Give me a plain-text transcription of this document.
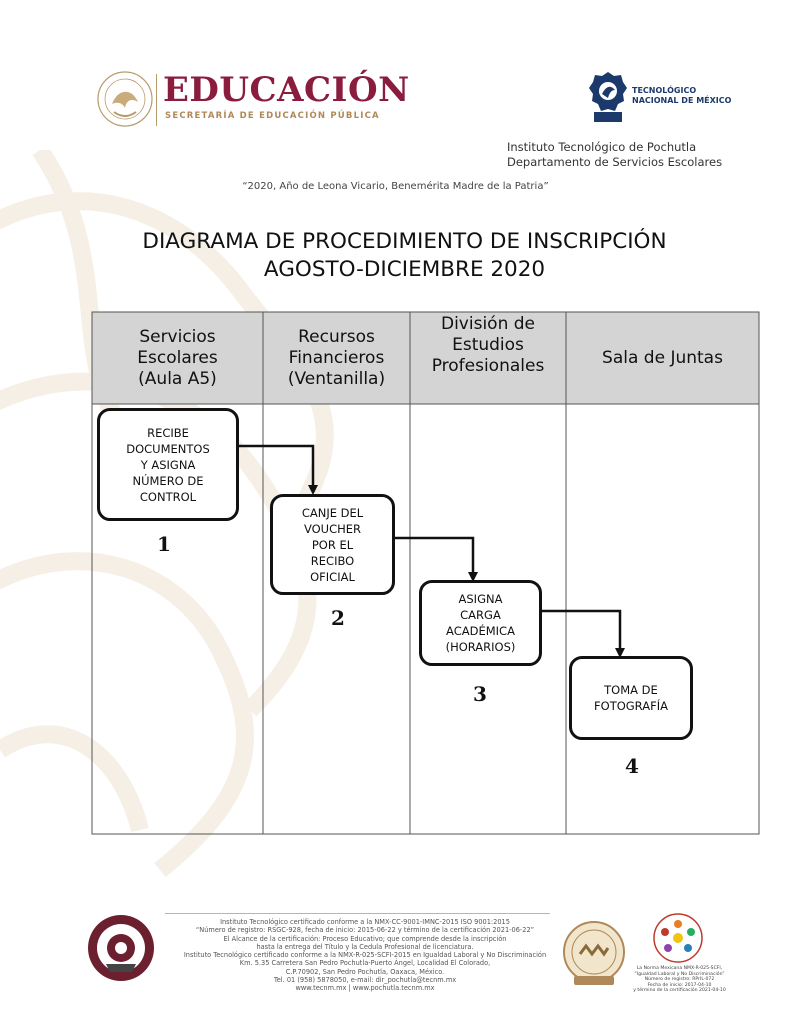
EDUCACIÓN
SECRETARÍA DE EDUCACIÓN PÚBLICA
TECNOLÓGICO
NACIONAL DE MÉXICO
Instituto Tecnológico de Pochutla
Departamento de Servicios Escolares
“2020, Año de Leona Vicario, Benemérita Madre de la Patria”
DIAGRAMA DE PROCEDIMIENTO DE INSCRIPCIÓN
AGOSTO-DICIEMBRE 2020
Servicios
Escolares
(Aula A5)
Recursos
Financieros
(Ventanilla)
División de
Estudios
Profesionales	Sala de Juntas
RECIBE
DOCUMENTOS
Y ASIGNA
NÚMERO DE
CONTROL
1
CANJE DEL
VOUCHER
POR EL
RECIBO
OFICIAL
2
ASIGNA
CARGA
ACADÉMICA
(HORARIOS)
3	TOMA DE
FOTOGRAFÍA
4
Instituto Tecnológico certificado conforme a la NMX-CC-9001-IMNC-2015 ISO 9001:2015
“Número de registro: RSGC-928, fecha de inicio: 2015-06-22 y término de la certificación 2021-06-22”
El Alcance de la certificación: Proceso Educativo; que comprende desde la inscripción
hasta la entrega del Título y la Cedula Profesional de licenciatura.
Instituto Tecnológico certificado conforme a la NMX-R-025-SCFI-2015 en Igualdad Laboral y No Discriminación
Km. 5.35 Carretera San Pedro Pochutla-Puerto Ángel, Localidad El Colorado,
C.P.70902, San Pedro Pochutla, Oaxaca, México.
Tel. 01 (958) 5878050, e-mail: dir_pochutla@tecnm.mx
www.tecnm.mx | www.pochutla.tecnm.mx
La Norma Mexicana NMX-R-025-SCFI,
“Igualdad Laboral y No Discriminación”
Número de registro: RPrIL-072
Fecha de inicio: 2017-04-10
y término de la certificación 2021-04-10
